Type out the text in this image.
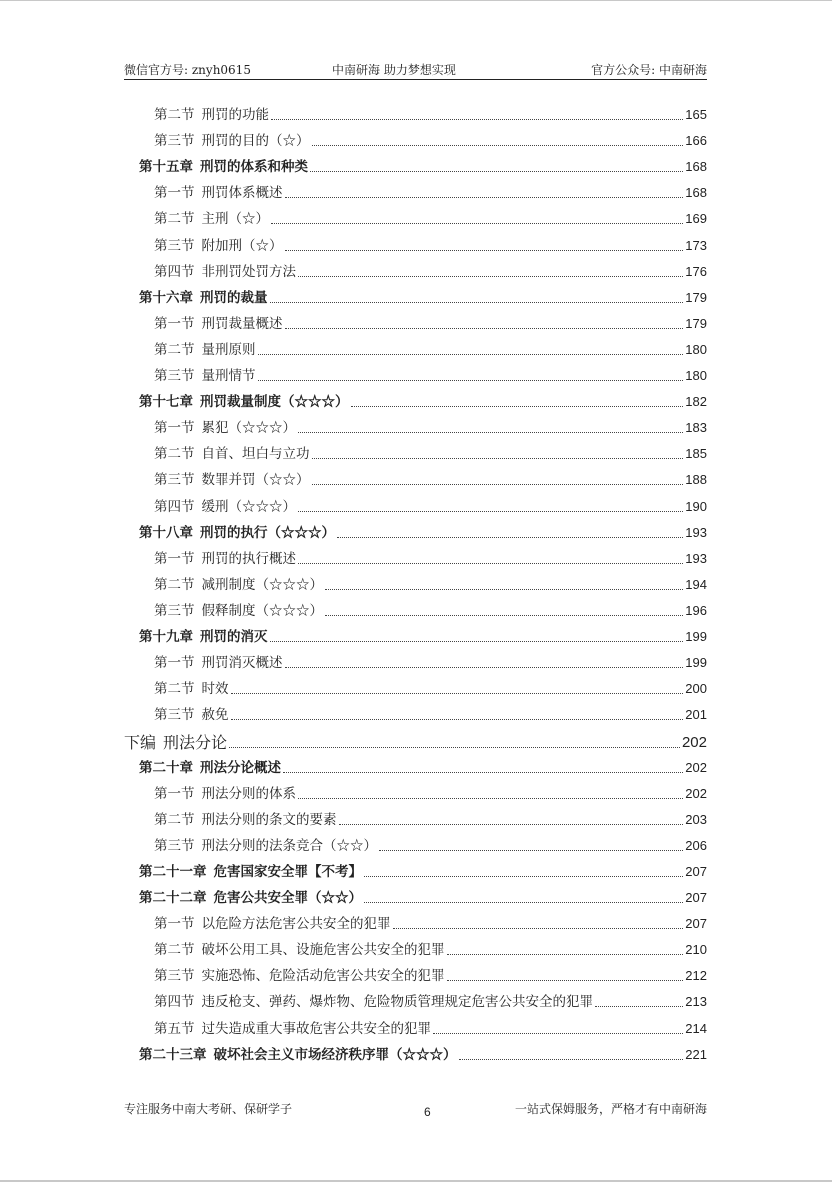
微信官方号: znyh0615	中南研海 助力梦想实现	官方公众号: 中南研海
第二节 刑罚的功能	165
第三节 刑罚的目的（☆）	166
第十五章 刑罚的体系和种类	168
第一节 刑罚体系概述	168
第二节 主刑（☆）	169
第三节 附加刑（☆）	173
第四节 非刑罚处罚方法	176
第十六章 刑罚的裁量	179
第一节 刑罚裁量概述	179
第二节 量刑原则	180
第三节 量刑情节	180
第十七章 刑罚裁量制度（☆☆☆）	182
第一节 累犯（☆☆☆）	183
第二节 自首、坦白与立功	185
第三节 数罪并罚（☆☆）	188
第四节 缓刑（☆☆☆）	190
第十八章 刑罚的执行（☆☆☆）	193
第一节 刑罚的执行概述	193
第二节 减刑制度（☆☆☆）	194
第三节 假释制度（☆☆☆）	196
第十九章 刑罚的消灭	199
第一节 刑罚消灭概述	199
第二节 时效	200
第三节 赦免	201
下编 刑法分论	202
第二十章 刑法分论概述	202
第一节 刑法分则的体系	202
第二节 刑法分则的条文的要素	203
第三节 刑法分则的法条竞合（☆☆）	206
第二十一章 危害国家安全罪【不考】	207
第二十二章 危害公共安全罪（☆☆）	207
第一节 以危险方法危害公共安全的犯罪	207
第二节 破坏公用工具、设施危害公共安全的犯罪	210
第三节 实施恐怖、危险活动危害公共安全的犯罪	212
第四节 违反枪支、弹药、爆炸物、危险物质管理规定危害公共安全的犯罪	213
第五节 过失造成重大事故危害公共安全的犯罪	214
第二十三章 破坏社会主义市场经济秩序罪（☆☆☆）	221
专注服务中南大考研、保研学子	6	一站式保姆服务，严格才有中南研海
